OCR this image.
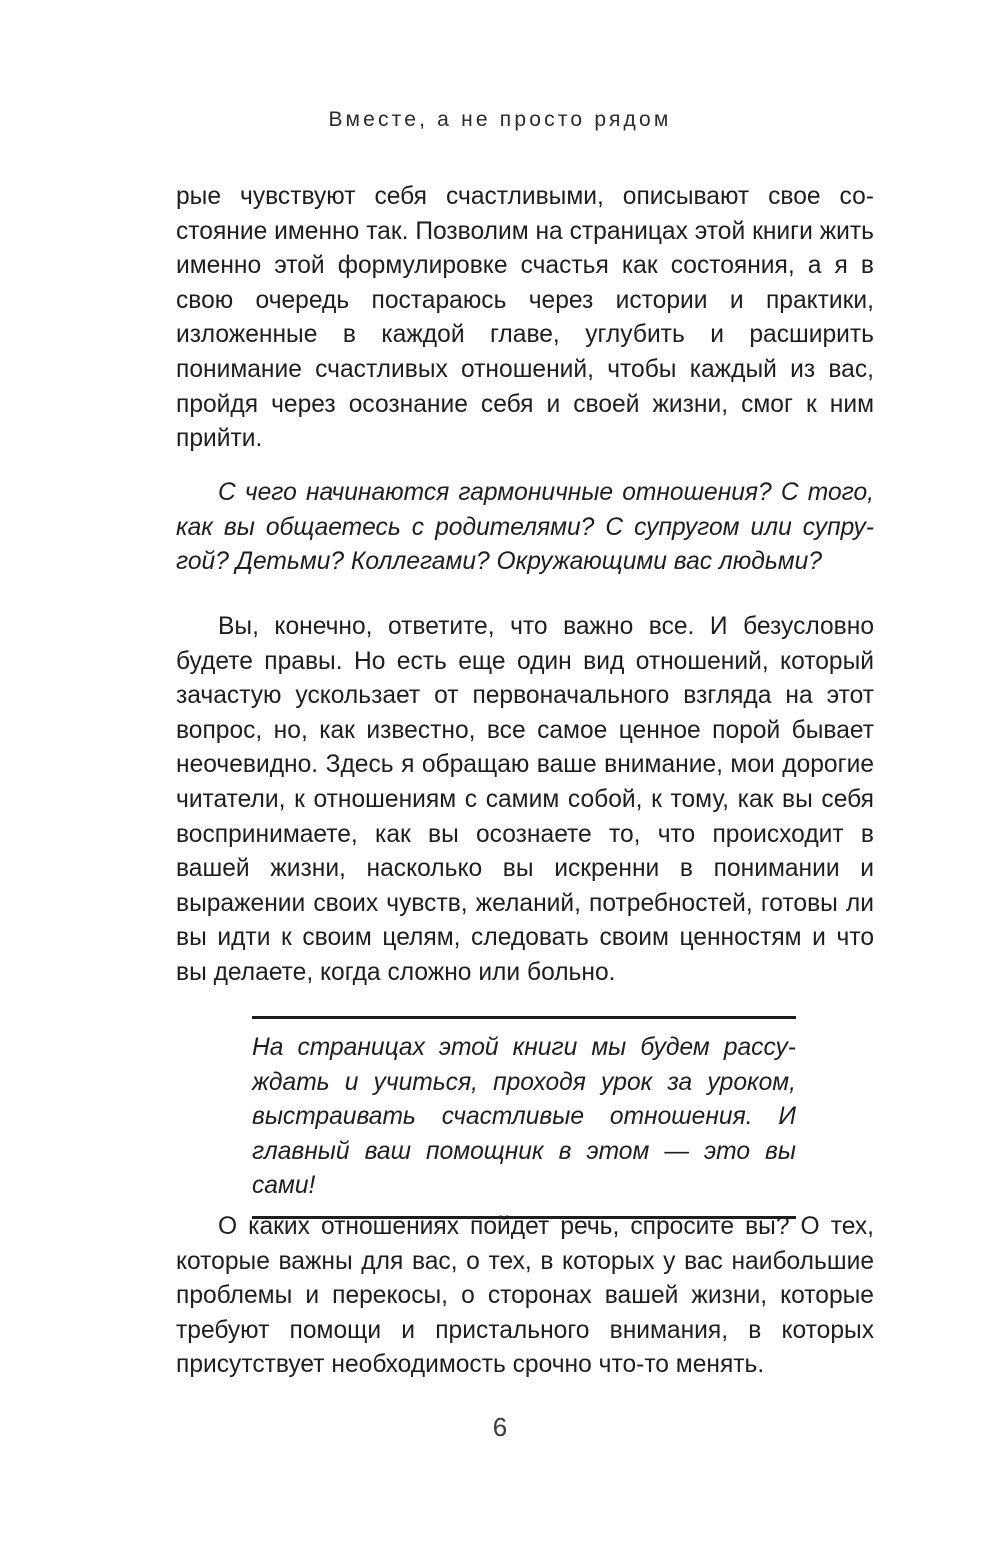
Вместе, а не просто рядом

рые чувствуют себя счастливыми, описывают свое состояние именно так. Позволим на страницах этой книги жить именно этой формулировке счастья как состояния, а я в свою очередь постараюсь через истории и практики, изложенные в каждой главе, углубить и расширить понимание счастливых отношений, чтобы каждый из вас, пройдя через осознание себя и своей жизни, смог к ним прийти.

С чего начинаются гармоничные отношения? С того, как вы общаетесь с родителями? С супругом или супругой? Детьми? Коллегами? Окружающими вас людьми?

Вы, конечно, ответите, что важно все. И безусловно будете правы. Но есть еще один вид отношений, который зачастую ускользает от первоначального взгляда на этот вопрос, но, как известно, все самое ценное порой бывает неочевидно. Здесь я обращаю ваше внимание, мои дорогие читатели, к отношениям с самим собой, к тому, как вы себя воспринимаете, как вы осознаете то, что происходит в вашей жизни, насколько вы искренни в понимании и выражении своих чувств, желаний, потребностей, готовы ли вы идти к своим целям, следовать своим ценностям и что вы делаете, когда сложно или больно.

На страницах этой книги мы будем рассуждать и учиться, проходя урок за уроком, выстраивать счастливые отношения. И главный ваш помощник в этом — это вы сами!

О каких отношениях пойдет речь, спросите вы? О тех, которые важны для вас, о тех, в которых у вас наибольшие проблемы и перекосы, о сторонах вашей жизни, которые требуют помощи и пристального внимания, в которых присутствует необходимость срочно что-то менять.

6
